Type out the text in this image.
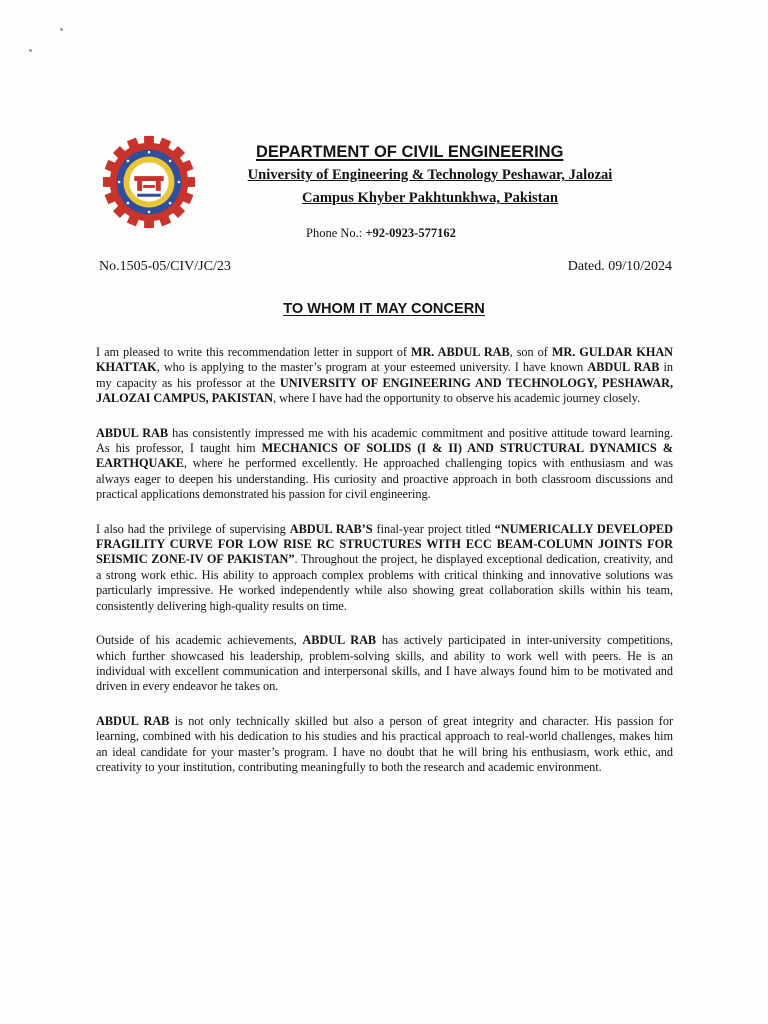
DEPARTMENT OF CIVIL ENGINEERING
University of Engineering & Technology Peshawar, Jalozai
Campus Khyber Pakhtunkhwa, Pakistan
Phone No.: +92-0923-577162
No.1505-05/CIV/JC/23	Dated. 09/10/2024
TO WHOM IT MAY CONCERN

I am pleased to write this recommendation letter in support of MR. ABDUL RAB, son of MR. GULDAR KHAN KHATTAK, who is applying to the master’s program at your esteemed university. I have known ABDUL RAB in my capacity as his professor at the UNIVERSITY OF ENGINEERING AND TECHNOLOGY, PESHAWAR, JALOZAI CAMPUS, PAKISTAN, where I have had the opportunity to observe his academic journey closely.

ABDUL RAB has consistently impressed me with his academic commitment and positive attitude toward learning. As his professor, I taught him MECHANICS OF SOLIDS (I & II) AND STRUCTURAL DYNAMICS & EARTHQUAKE, where he performed excellently. He approached challenging topics with enthusiasm and was always eager to deepen his understanding. His curiosity and proactive approach in both classroom discussions and practical applications demonstrated his passion for civil engineering.

I also had the privilege of supervising ABDUL RAB’S final-year project titled “NUMERICALLY DEVELOPED FRAGILITY CURVE FOR LOW RISE RC STRUCTURES WITH ECC BEAM-COLUMN JOINTS FOR SEISMIC ZONE-IV OF PAKISTAN”. Throughout the project, he displayed exceptional dedication, creativity, and a strong work ethic. His ability to approach complex problems with critical thinking and innovative solutions was particularly impressive. He worked independently while also showing great collaboration skills within his team, consistently delivering high-quality results on time.

Outside of his academic achievements, ABDUL RAB has actively participated in inter-university competitions, which further showcased his leadership, problem-solving skills, and ability to work well with peers. He is an individual with excellent communication and interpersonal skills, and I have always found him to be motivated and driven in every endeavor he takes on.

ABDUL RAB is not only technically skilled but also a person of great integrity and character. His passion for learning, combined with his dedication to his studies and his practical approach to real-world challenges, makes him an ideal candidate for your master’s program. I have no doubt that he will bring his enthusiasm, work ethic, and creativity to your institution, contributing meaningfully to both the research and academic environment.
